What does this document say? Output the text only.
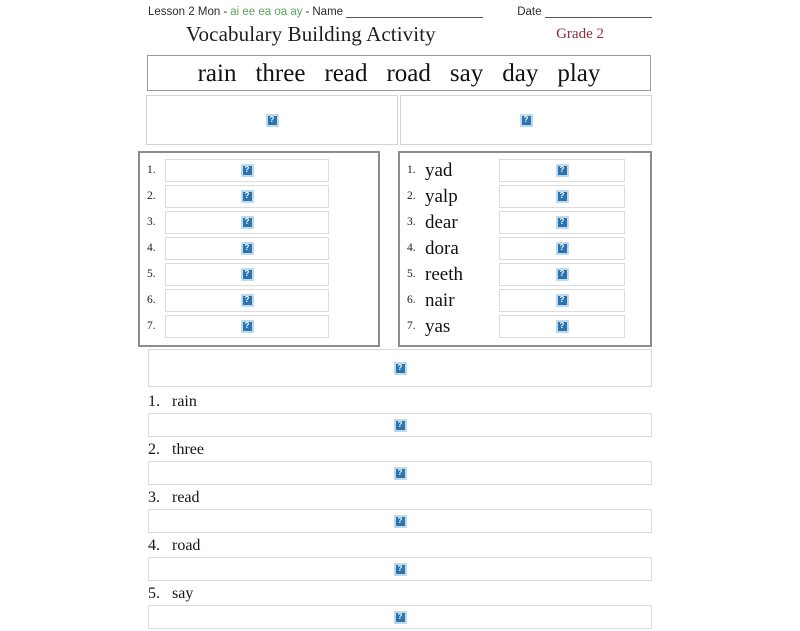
Lesson 2 Mon - ai ee ea oa ay - Name	Date
Vocabulary Building Activity	Grade 2
rain three read road say day play
?
?
1.
?
2.
?
3.
?
4.
?
5.
?
6.
?
7.
?
1. yad
?
2. yalp
?
3. dear
?
4. dora
?
5. reeth
?
6. nair
?
7. yas
?
?
1. rain
?
2. three
?
3. read
?
4. road
?
5. say
?
